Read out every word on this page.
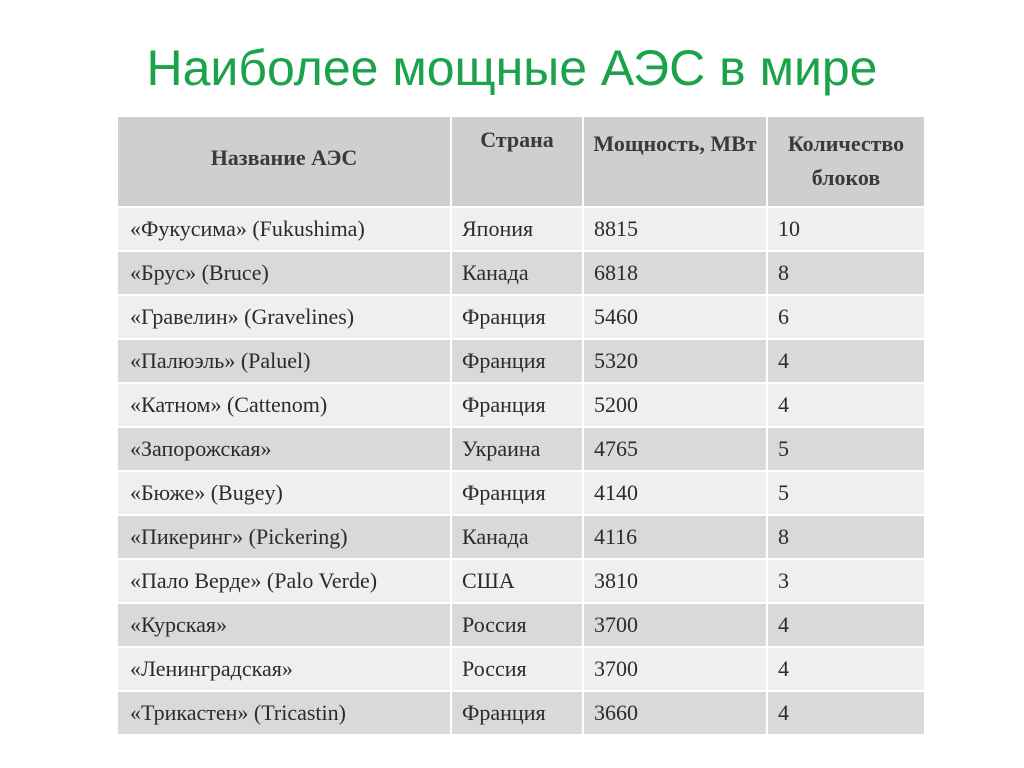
Наиболее мощные АЭС в мире
Название АЭС	Страна	Мощность, МВт	Количество блоков
«Фукусима» (Fukushima)	Япония	8815	10
«Брус» (Bruce)	Канада	6818	8
«Гравелин» (Gravelines)	Франция	5460	6
«Палюэль» (Paluel)	Франция	5320	4
«Катном» (Cattenom)	Франция	5200	4
«Запорожская»	Украина	4765	5
«Бюже» (Bugey)	Франция	4140	5
«Пикеринг» (Pickering)	Канада	4116	8
«Пало Верде» (Palo Verde)	США	3810	3
«Курская»	Россия	3700	4
«Ленинградская»	Россия	3700	4
«Трикастен» (Tricastin)	Франция	3660	4
